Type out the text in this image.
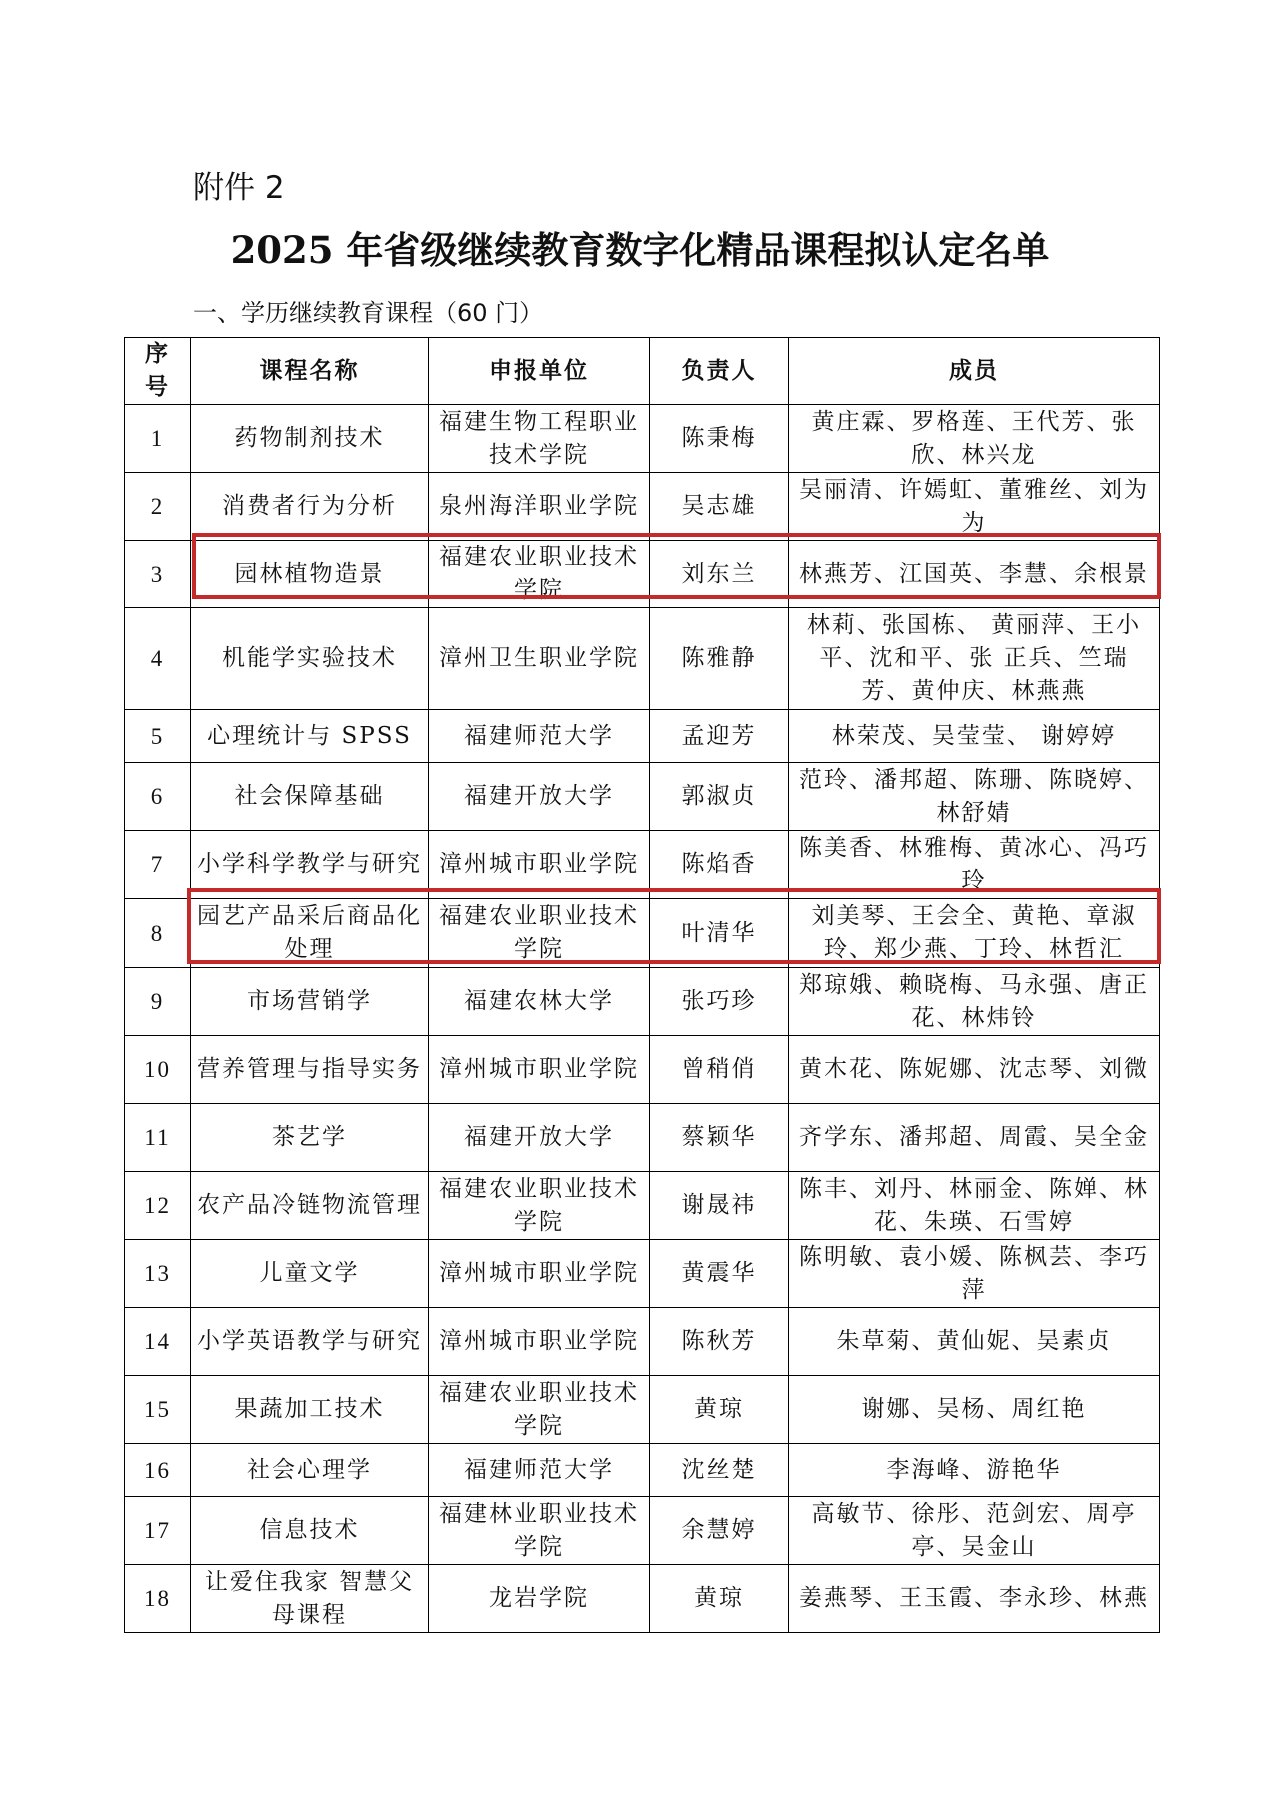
附件 2
2025 年省级继续教育数字化精品课程拟认定名单
一、学历继续教育课程（60 门）
序
号	课程名称	申报单位	负责人	成员
1	药物制剂技术	福建生物工程职业技术学院	陈秉梅	黄庄霖、罗格莲、王代芳、张欣、林兴龙
2	消费者行为分析	泉州海洋职业学院	吴志雄	吴丽清、许嫣虹、董雅丝、刘为为
3	园林植物造景	福建农业职业技术学院	刘东兰	林燕芳、江国英、李慧、余根景
4	机能学实验技术	漳州卫生职业学院	陈雅静	林莉、张国栋、 黄丽萍、王小平、沈和平、张 正兵、竺瑞芳、黄仲庆、林燕燕
5	心理统计与 SPSS	福建师范大学	孟迎芳	林荣茂、吴莹莹、 谢婷婷
6	社会保障基础	福建开放大学	郭淑贞	范玲、潘邦超、陈珊、陈晓婷、林舒婧
7	小学科学教学与研究	漳州城市职业学院	陈焰香	陈美香、林雅梅、黄冰心、冯巧玲
8	园艺产品采后商品化处理	福建农业职业技术学院	叶清华	刘美琴、王会全、黄艳、章淑玲、郑少燕、丁玲、林哲汇
9	市场营销学	福建农林大学	张巧珍	郑琼娥、赖晓梅、马永强、唐正花、林炜铃
10	营养管理与指导实务	漳州城市职业学院	曾稍俏	黄木花、陈妮娜、沈志琴、刘微
11	茶艺学	福建开放大学	蔡颖华	齐学东、潘邦超、周霞、吴全金
12	农产品冷链物流管理	福建农业职业技术学院	谢晟祎	陈丰、刘丹、林丽金、陈婵、林花、朱瑛、石雪婷
13	儿童文学	漳州城市职业学院	黄震华	陈明敏、袁小媛、陈枫芸、李巧萍
14	小学英语教学与研究	漳州城市职业学院	陈秋芳	朱草菊、黄仙妮、吴素贞
15	果蔬加工技术	福建农业职业技术学院	黄琼	谢娜、吴杨、周红艳
16	社会心理学	福建师范大学	沈丝楚	李海峰、游艳华
17	信息技术	福建林业职业技术学院	余慧婷	高敏节、徐彤、范剑宏、周亭亭、吴金山
18	让爱住我家 智慧父母课程	龙岩学院	黄琼	姜燕琴、王玉霞、李永珍、林燕
